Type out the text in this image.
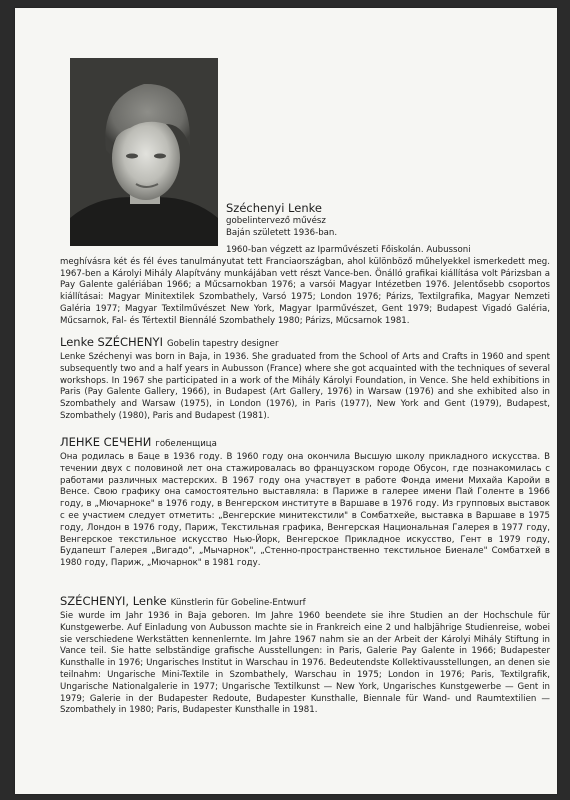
Széchenyi Lenke
gobelintervező művész
Baján született 1936-ban.

1960-ban végzett az Iparművészeti Főiskolán. Aubussoni

meghívásra két és fél éves tanulmányutat tett Franciaországban, ahol különböző műhelyekkel ismerkedett meg. 1967-ben a Károlyi Mihály Alapítvány munkájában vett részt Vance-ben. Önálló grafikai kiállítása volt Párizsban a Pay Galente galériában 1966; a Műcsarnokban 1976; a varsói Magyar Intézetben 1976. Jelentősebb csoportos kiállításai: Magyar Minitextilek Szombathely, Varsó 1975; London 1976; Párizs, Textilgrafika, Magyar Nemzeti Galéria 1977; Magyar Textilművészet New York, Magyar Iparművészet, Gent 1979; Budapest Vigadó Galéria, Műcsarnok, Fal- és Tértextil Biennálé Szombathely 1980; Párizs, Műcsarnok 1981.

Lenke SZÉCHENYI Gobelin tapestry designer

Lenke Széchenyi was born in Baja, in 1936. She graduated from the School of Arts and Crafts in 1960 and spent subsequently two and a half years in Aubusson (France) where she got acquainted with the techniques of several workshops. In 1967 she participated in a work of the Mihály Károlyi Foundation, in Vence. She held exhibitions in Paris (Pay Galente Gallery, 1966), in Budapest (Art Gallery, 1976) in Warsaw (1976) and she exhibited also in Szombathely and Warsaw (1975), in London (1976), in Paris (1977), New York and Gent (1979), Budapest, Szombathely (1980), Paris and Budapest (1981).

ЛЕНКЕ СЕЧЕНИ гобеленщица

Она родилась в Баце в 1936 году. В 1960 году она окончила Высшую школу прикладного искусства. В течении двух с половиной лет она стажировалась во французском городе Обусон, где познакомилась с работами различных мастерских. В 1967 году она участвует в работе Фонда имени Михайа Каройи в Венсе. Свою графику она самостоятельно выставляла: в Париже в галерее имени Пай Голенте в 1966 году, в „Мючарноке" в 1976 году, в Венгерском институте в Варшаве в 1976 году. Из групповых выставок с ее участием следует отметить: „Венгерские минитекстили" в Сомбатхейе, выставка в Варшаве в 1975 году, Лондон в 1976 году, Париж, Текстильная графика, Венгерская Национальная Галерея в 1977 году, Венгерское текстильное искусство Нью-Йорк, Венгерское Прикладное искусство, Гент в 1979 году, Будапешт Галерея „Вигадо", „Мычарнок", „Стенно-пространственно текстильное Биенале" Сомбатхей в 1980 году, Париж, „Мючарнок" в 1981 году.

SZÉCHENYI, Lenke Künstlerin für Gobeline-Entwurf

Sie wurde im Jahr 1936 in Baja geboren. Im Jahre 1960 beendete sie ihre Studien an der Hochschule für Kunstgewerbe. Auf Einladung von Aubusson machte sie in Frankreich eine 2 und halbjährige Studienreise, wobei sie verschiedene Werkstätten kennenlernte. Im Jahre 1967 nahm sie an der Arbeit der Károlyi Mihály Stiftung in Vance teil. Sie hatte selbständige grafische Ausstellungen: in Paris, Galerie Pay Galente in 1966; Budapester Kunsthalle in 1976; Ungarisches Institut in Warschau in 1976. Bedeutendste Kollektivausstellungen, an denen sie teilnahm: Ungarische Mini-Textile in Szombathely, Warschau in 1975; London in 1976; Paris, Textilgrafik, Ungarische Nationalgalerie in 1977; Ungarische Textilkunst — New York, Ungarisches Kunstgewerbe — Gent in 1979; Galerie in der Budapester Redoute, Budapester Kunsthalle, Biennale für Wand- und Raumtextilien — Szombathely in 1980; Paris, Budapester Kunsthalle in 1981.
